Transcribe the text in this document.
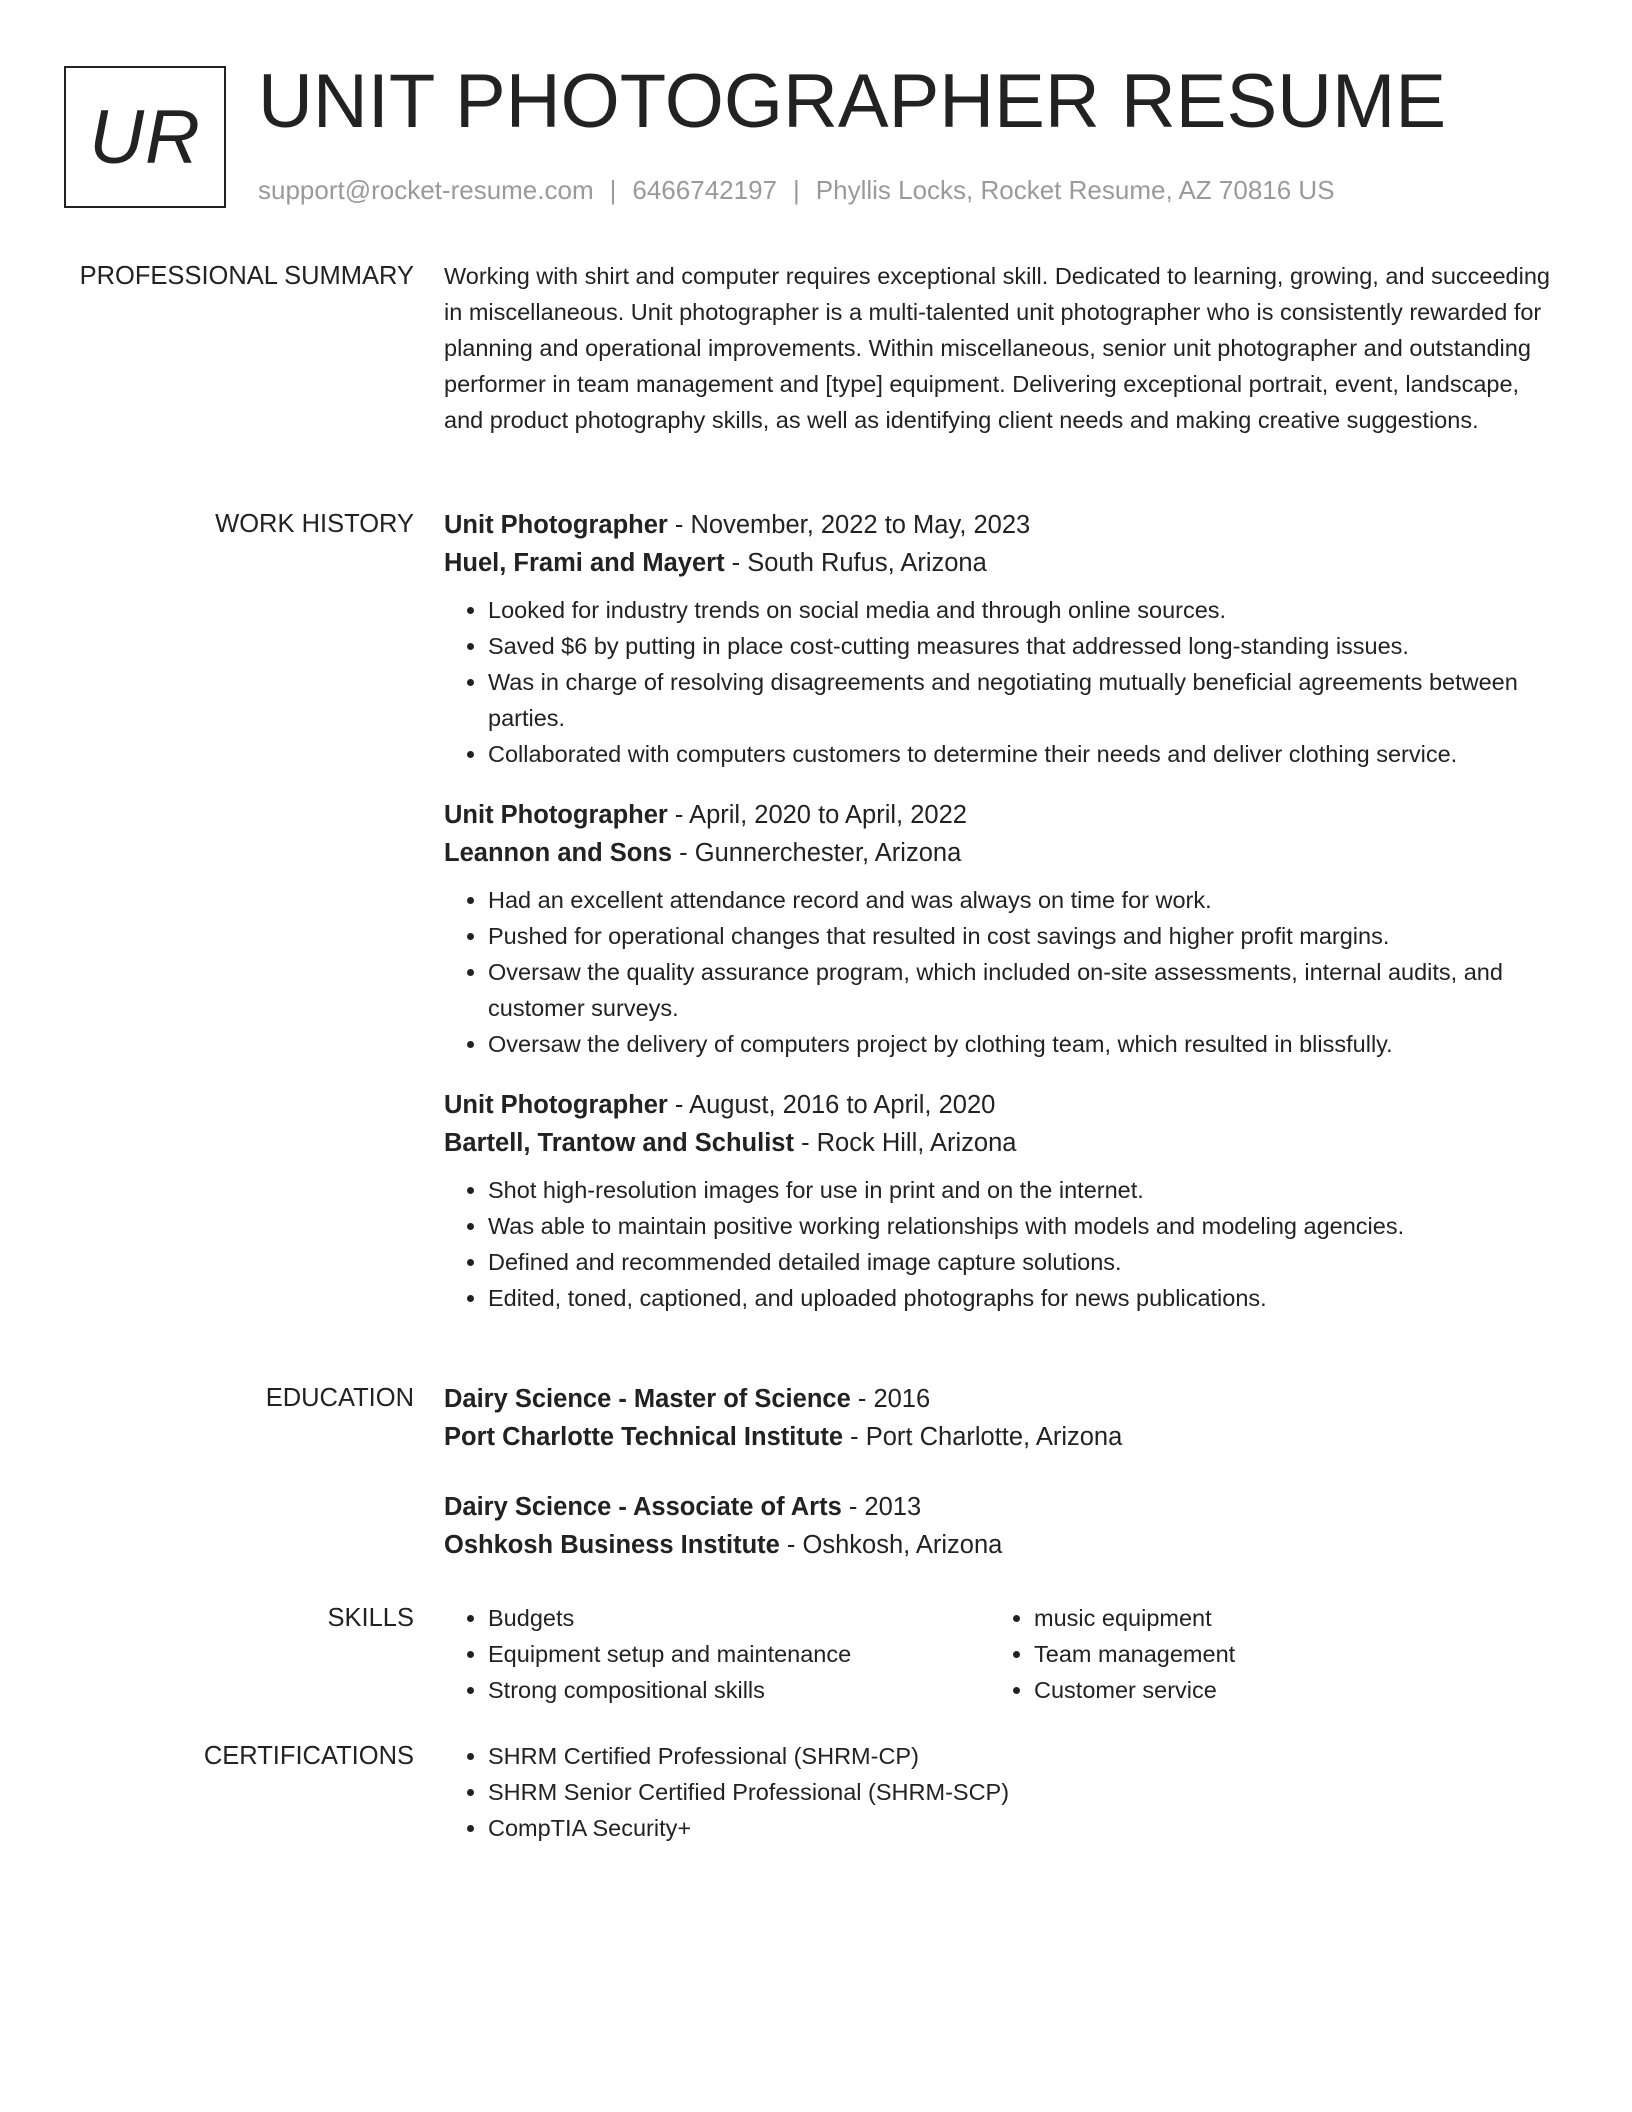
UR UNIT PHOTOGRAPHER RESUME
support@rocket-resume.com | 6466742197 | Phyllis Locks, Rocket Resume, AZ 70816 US
PROFESSIONAL SUMMARY Working with shirt and computer requires exceptional skill. Dedicated to learning, growing, and succeeding in miscellaneous. Unit photographer is a multi-talented unit photographer who is consistently rewarded for planning and operational improvements. Within miscellaneous, senior unit photographer and outstanding performer in team management and [type] equipment. Delivering exceptional portrait, event, landscape, and product photography skills, as well as identifying client needs and making creative suggestions.

WORK HISTORY Unit Photographer - November, 2022 to May, 2023
Huel, Frami and Mayert - South Rufus, Arizona
• Looked for industry trends on social media and through online sources.
• Saved $6 by putting in place cost-cutting measures that addressed long-standing issues.
• Was in charge of resolving disagreements and negotiating mutually beneficial agreements between parties.
• Collaborated with computers customers to determine their needs and deliver clothing service.
Unit Photographer - April, 2020 to April, 2022
Leannon and Sons - Gunnerchester, Arizona
• Had an excellent attendance record and was always on time for work.
• Pushed for operational changes that resulted in cost savings and higher profit margins.
• Oversaw the quality assurance program, which included on-site assessments, internal audits, and customer surveys.
• Oversaw the delivery of computers project by clothing team, which resulted in blissfully.
Unit Photographer - August, 2016 to April, 2020
Bartell, Trantow and Schulist - Rock Hill, Arizona
• Shot high-resolution images for use in print and on the internet.
• Was able to maintain positive working relationships with models and modeling agencies.
• Defined and recommended detailed image capture solutions.
• Edited, toned, captioned, and uploaded photographs for news publications.
EDUCATION Dairy Science - Master of Science - 2016
Port Charlotte Technical Institute - Port Charlotte, Arizona
Dairy Science - Associate of Arts - 2013
Oshkosh Business Institute - Oshkosh, Arizona
SKILLS	• Budgets
• Equipment setup and maintenance
• Strong compositional skills
• music equipment
• Team management
• Customer service
CERTIFICATIONS	• SHRM Certified Professional (SHRM-CP)
• SHRM Senior Certified Professional (SHRM-SCP)
• CompTIA Security+
